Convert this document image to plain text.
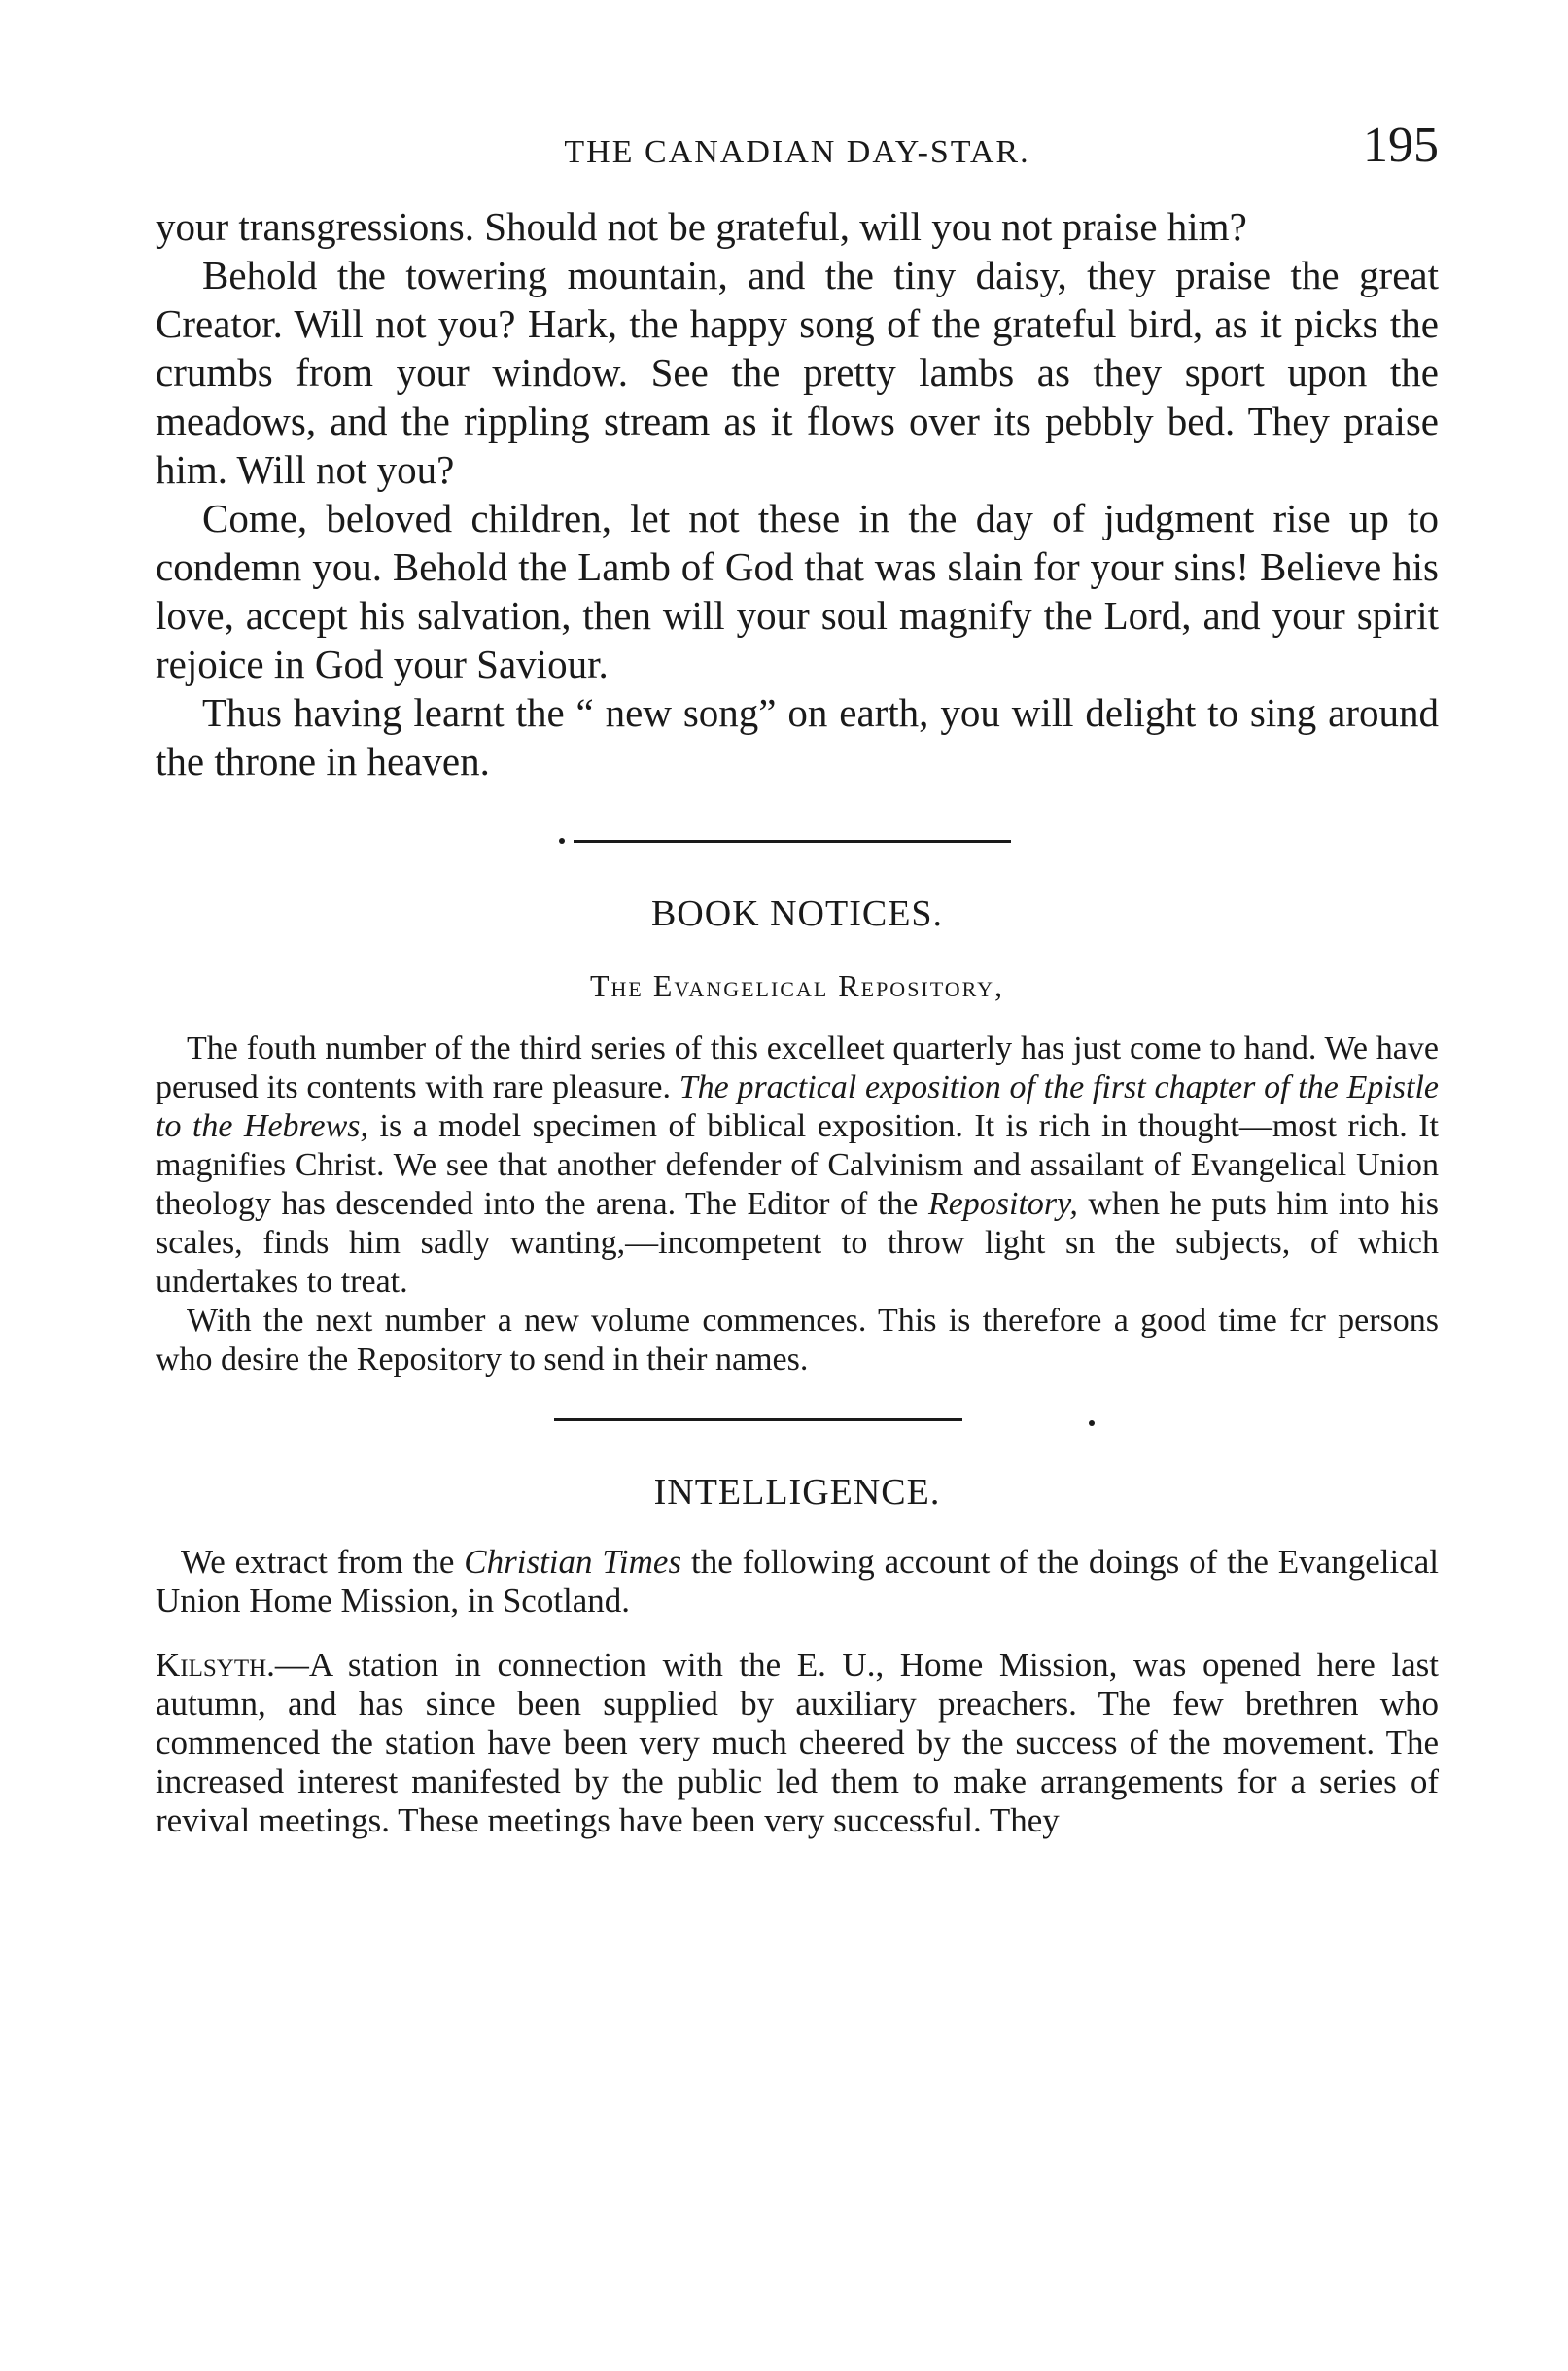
THE CANADIAN DAY-STAR.	195

your transgressions. Should not be grateful, will you not praise him?

Behold the towering mountain, and the tiny daisy, they praise the great Creator. Will not you? Hark, the happy song of the grateful bird, as it picks the crumbs from your window. See the pretty lambs as they sport upon the meadows, and the rippling stream as it flows over its pebbly bed. They praise him. Will not you?

Come, beloved children, let not these in the day of judgment rise up to condemn you. Behold the Lamb of God that was slain for your sins! Believe his love, accept his salvation, then will your soul magnify the Lord, and your spirit rejoice in God your Saviour.

Thus having learnt the “ new song” on earth, you will delight to sing around the throne in heaven.

BOOK NOTICES.
The Evangelical Repository,

The fouth number of the third series of this excelleet quarterly has just come to hand. We have perused its contents with rare pleasure. The practical exposition of the first chapter of the Epistle to the Hebrews, is a model specimen of biblical exposition. It is rich in thought—most rich. It magnifies Christ. We see that another defender of Calvinism and assailant of Evangelical Union theology has descended into the arena. The Editor of the Repository, when he puts him into his scales, finds him sadly wanting,—incompetent to throw light sn the subjects, of which undertakes to treat.

With the next number a new volume commences. This is therefore a good time fcr persons who desire the Repository to send in their names.

INTELLIGENCE.

We extract from the Christian Times the following account of the doings of the Evangelical Union Home Mission, in Scotland.

Kilsyth.—A station in connection with the E. U., Home Mission, was opened here last autumn, and has since been supplied by auxiliary preachers. The few brethren who commenced the station have been very much cheered by the success of the movement. The increased interest manifested by the public led them to make arrangements for a series of revival meetings. These meetings have been very successful. They
